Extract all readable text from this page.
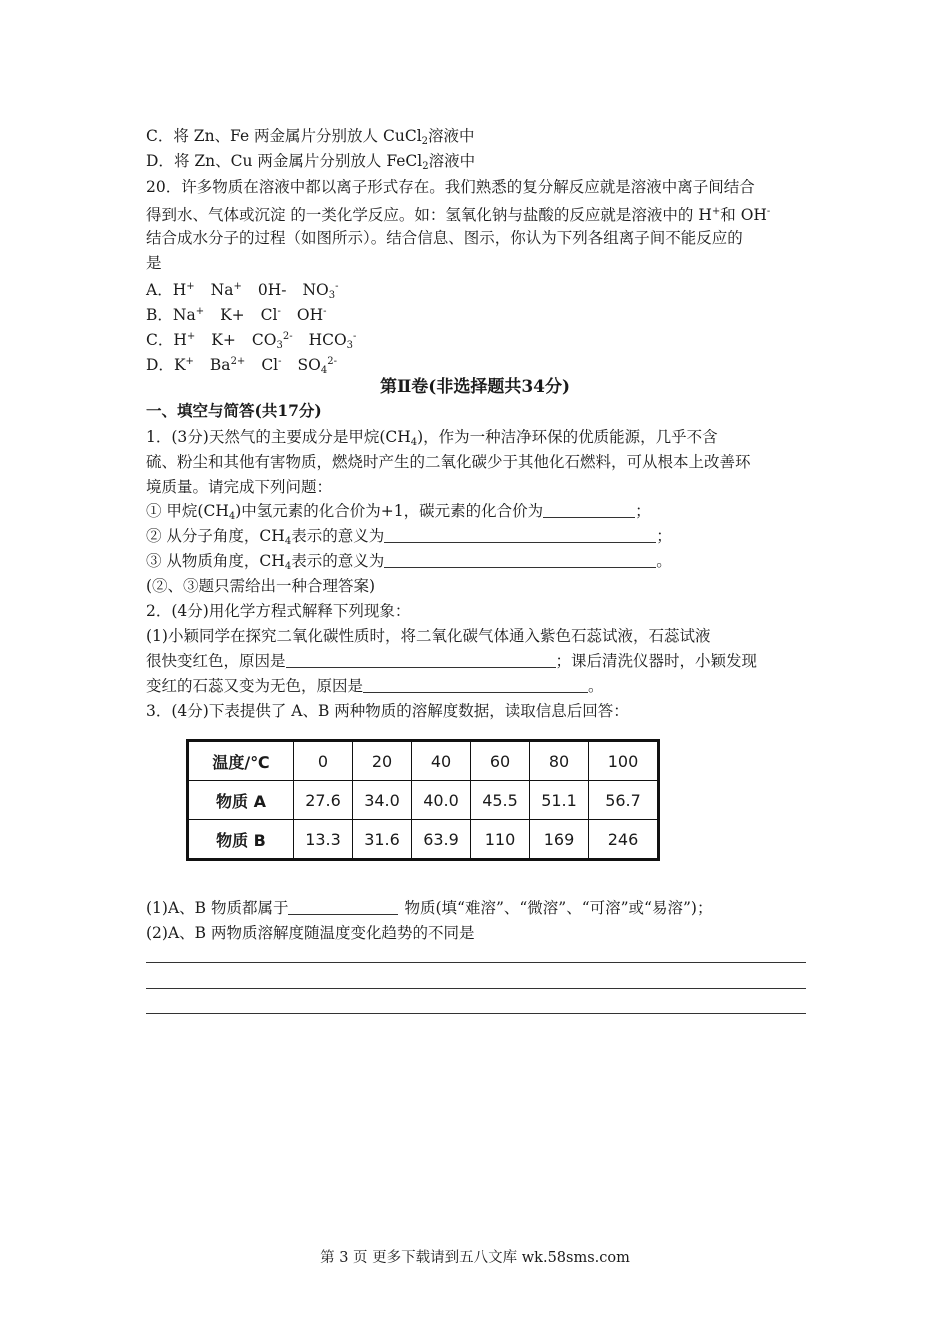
C．将 Zn、Fe 两金属片分别放人 CuCl$_2$溶液中
D．将 Zn、Cu 两金属片分别放人 FeCl$_2$溶液中
20．许多物质在溶液中都以离子形式存在。我们熟悉的复分解反应就是溶液中离子间结合
得到水、气体或沉淀 的一类化学反应。如：氢氧化钠与盐酸的反应就是溶液中的 H+和 OH-
结合成水分子的过程（如图所示）。结合信息、图示，你认为下列各组离子间不能反应的
是
A．H+ Na+ 0H- $NO_3^-$
B．Na+ K+ Cl- OH-
C．H+ $K+ CO_3^{2-}$ $HCO_3^-$
D．K+ $Ba^{2+}$ Cl- $SO_4^{2-}$
第Ⅱ卷(非选择题共34分)
一、填空与简答(共17分)
1．(3分)天然气的主要成分是甲烷$(CH_4)$，作为一种洁净环保的优质能源，几乎不含
硫、粉尘和其他有害物质，燃烧时产生的二氧化碳少于其他化石燃料，可从根本上改善环
境质量。请完成下列问题：
① 甲烷$(CH_4)$中氢元素的化合价为+1，碳元素的化合价为	；
② 从分子角度，$CH_4$表示的意义为	；
③ 从物质角度，$CH_4$表示的意义为	。
(②、③题只需给出一种合理答案)
2．(4分)用化学方程式解释下列现象：
(1)小颖同学在探究二氧化碳性质时，将二氧化碳气体通入紫色石蕊试液，石蕊试液
很快变红色，原因是	；课后清洗仪器时，小颖发现
变红的石蕊又变为无色，原因是	。
3．(4分)下表提供了 A、B 两种物质的溶解度数据，读取信息后回答：
温度/℃	0	20	40	60	80	100
物质 A	27.6	34.0	40.0	45.5	51.1	56.7
物质 B	13.3	31.6	63.9	110	169	246
(1)A、B 物质都属于	物质(填“难溶”、“微溶”、“可溶”或“易溶”)；
(2)A、B 两物质溶解度随温度变化趋势的不同是
第 3 页 更多下载请到五八文库 wk.58sms.com
